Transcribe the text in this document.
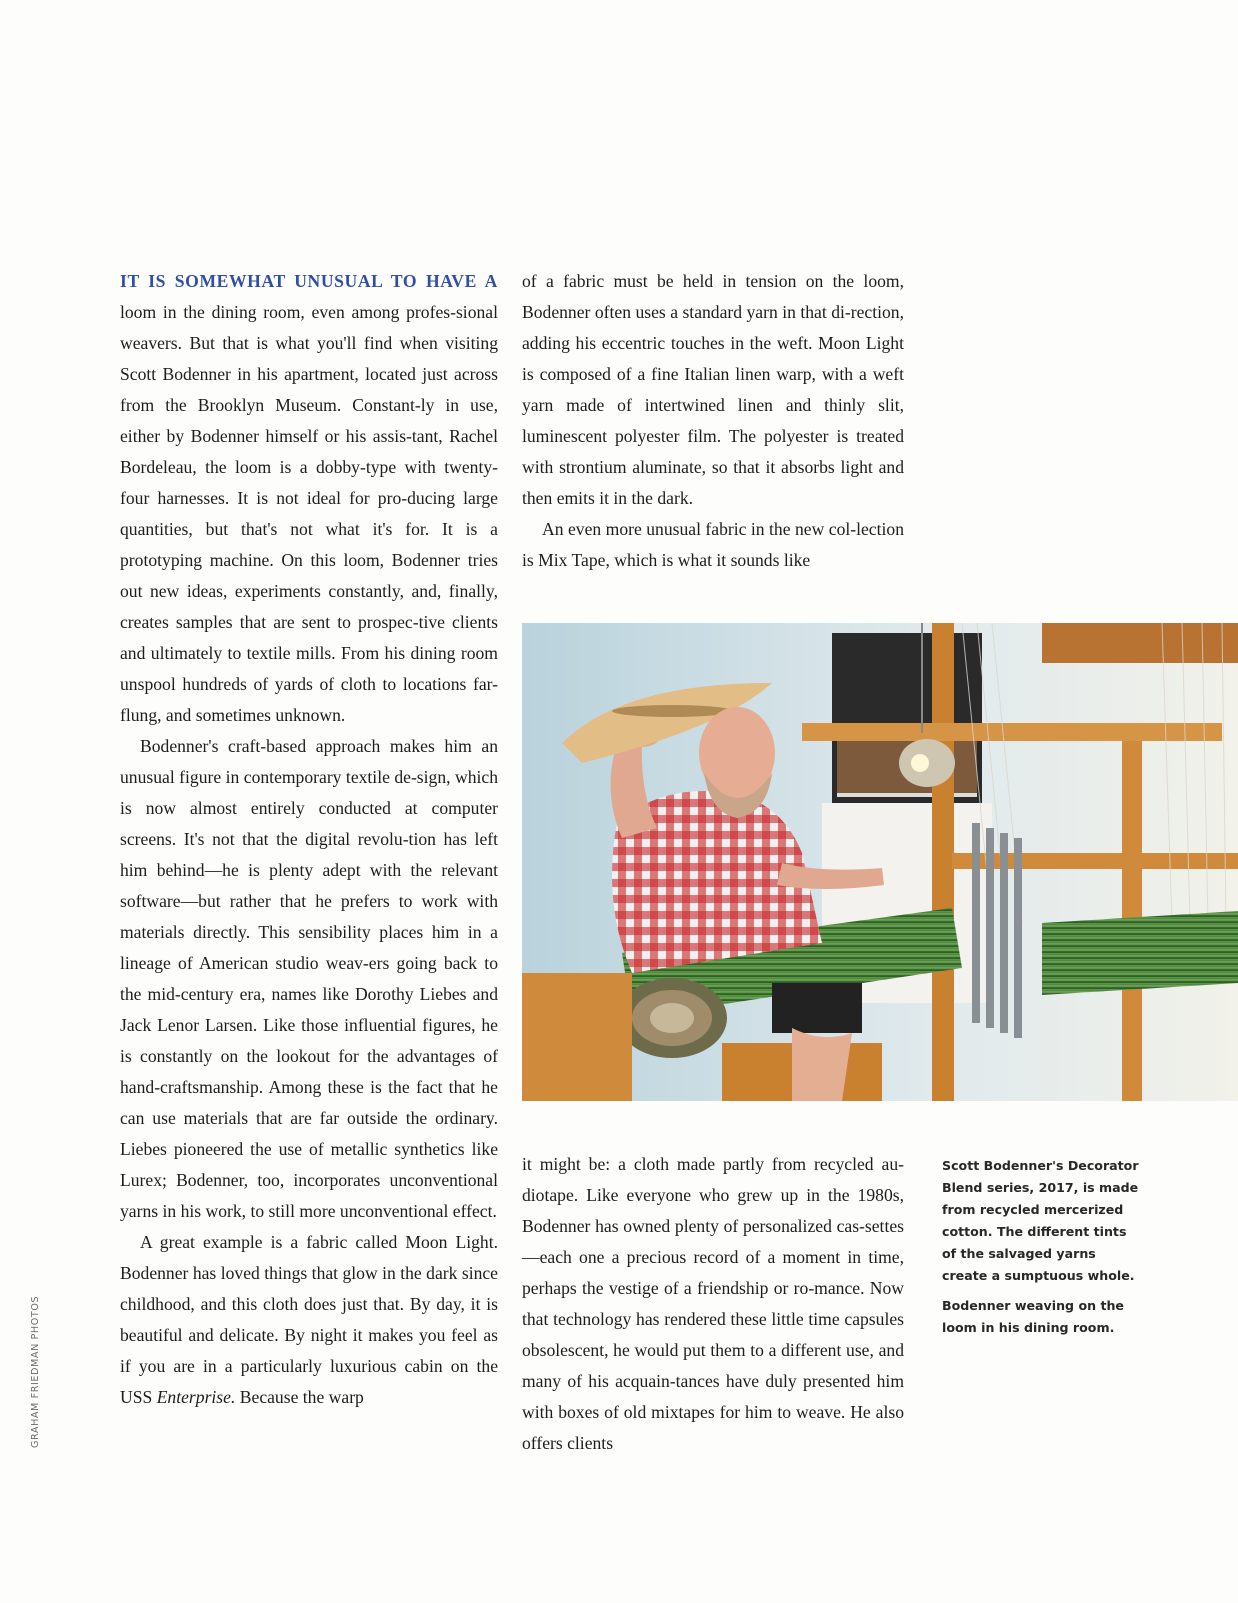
IT IS SOMEWHAT UNUSUAL TO HAVE A loom in the dining room, even among profes-sional weavers. But that is what you'll find when visiting Scott Bodenner in his apartment, located just across from the Brooklyn Museum. Constant-ly in use, either by Bodenner himself or his assis-tant, Rachel Bordeleau, the loom is a dobby-type with twenty-four harnesses. It is not ideal for pro-ducing large quantities, but that's not what it's for. It is a prototyping machine. On this loom, Bodenner tries out new ideas, experiments constantly, and, finally, creates samples that are sent to prospec-tive clients and ultimately to textile mills. From his dining room unspool hundreds of yards of cloth to locations far-flung, and sometimes unknown.

Bodenner's craft-based approach makes him an unusual figure in contemporary textile de-sign, which is now almost entirely conducted at computer screens. It's not that the digital revolu-tion has left him behind—he is plenty adept with the relevant software—but rather that he prefers to work with materials directly. This sensibility places him in a lineage of American studio weav-ers going back to the mid-century era, names like Dorothy Liebes and Jack Lenor Larsen. Like those influential figures, he is constantly on the lookout for the advantages of hand-craftsmanship. Among these is the fact that he can use materials that are far outside the ordinary. Liebes pioneered the use of metallic synthetics like Lurex; Bodenner, too, incorporates unconventional yarns in his work, to still more unconventional effect.

A great example is a fabric called Moon Light. Bodenner has loved things that glow in the dark since childhood, and this cloth does just that. By day, it is beautiful and delicate. By night it makes you feel as if you are in a particularly luxurious cabin on the USS Enterprise. Because the warp

of a fabric must be held in tension on the loom, Bodenner often uses a standard yarn in that di-rection, adding his eccentric touches in the weft. Moon Light is composed of a fine Italian linen warp, with a weft yarn made of intertwined linen and thinly slit, luminescent polyester film. The polyester is treated with strontium aluminate, so that it absorbs light and then emits it in the dark.

An even more unusual fabric in the new col-lection is Mix Tape, which is what it sounds like

it might be: a cloth made partly from recycled au-diotape. Like everyone who grew up in the 1980s, Bodenner has owned plenty of personalized cas-settes—each one a precious record of a moment in time, perhaps the vestige of a friendship or ro-mance. Now that technology has rendered these little time capsules obsolescent, he would put them to a different use, and many of his acquain-tances have duly presented him with boxes of old mixtapes for him to weave. He also offers clients

Scott Bodenner's Decorator Blend series, 2017, is made from recycled mercerized cotton. The different tints of the salvaged yarns create a sumptuous whole.

Bodenner weaving on the loom in his dining room.

GRAHAM FRIEDMAN PHOTOS
